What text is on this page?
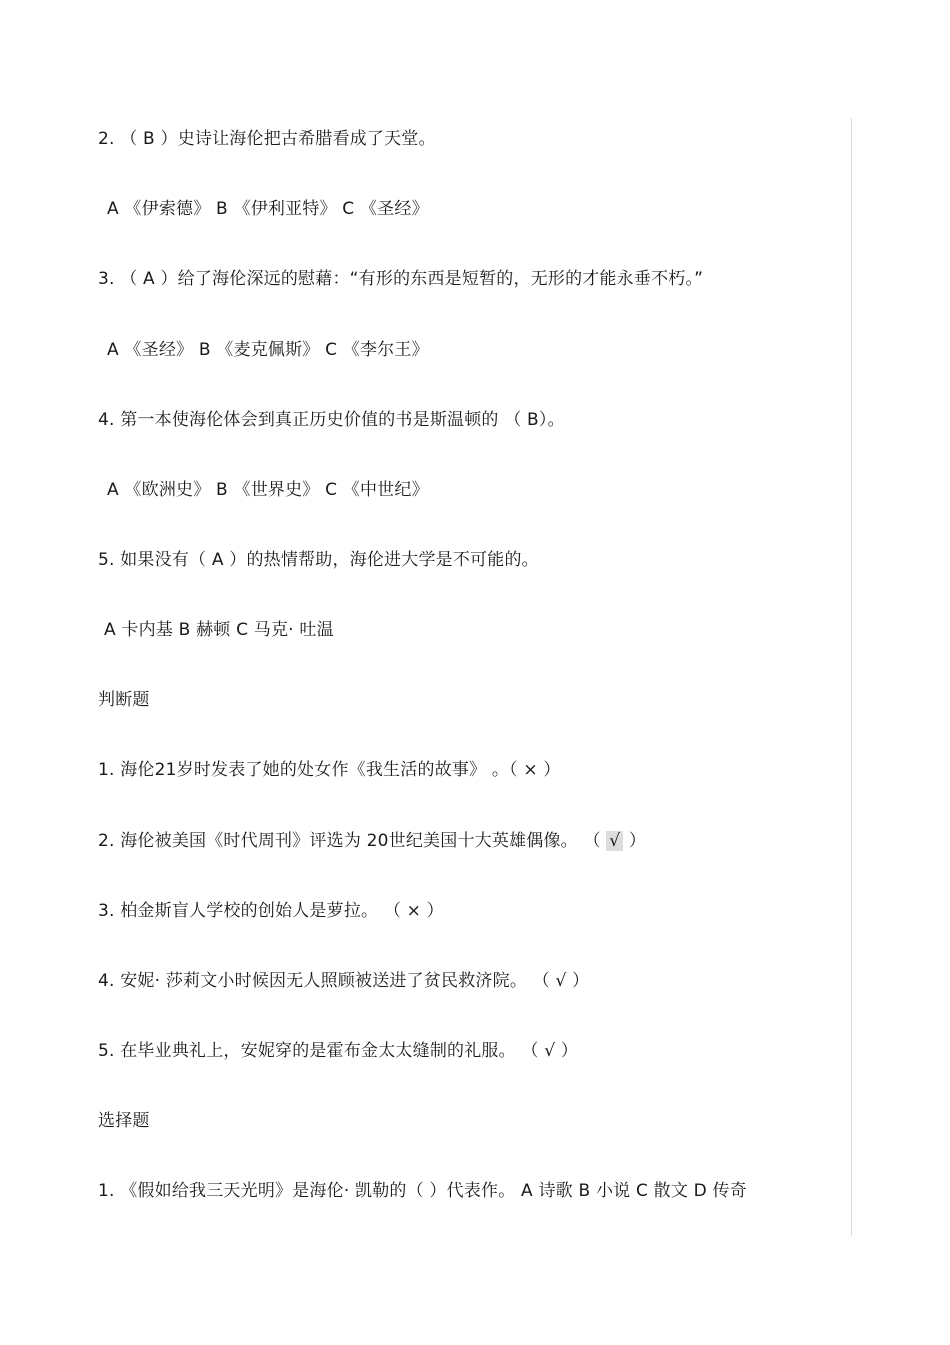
2. （ B ）史诗让海伦把古希腊看成了天堂。
A 《伊索德》 B 《伊利亚特》 C 《圣经》
3. （ A ）给了海伦深远的慰藉：“有形的东西是短暂的，无形的才能永垂不朽。”
A 《圣经》 B 《麦克佩斯》 C 《李尔王》
4. 第一本使海伦体会到真正历史价值的书是斯温顿的 （ B）。
A 《欧洲史》 B 《世界史》 C 《中世纪》
5. 如果没有（ A ）的热情帮助，海伦进大学是不可能的。
A 卡内基 B 赫顿 C 马克· 吐温
判断题
1. 海伦21岁时发表了她的处女作《我生活的故事》 。（ × ）
2. 海伦被美国《时代周刊》评选为 20世纪美国十大英雄偶像。 （ √ ）
3. 柏金斯盲人学校的创始人是萝拉。 （ × ）
4. 安妮· 莎莉文小时候因无人照顾被送进了贫民救济院。 （ √ ）
5. 在毕业典礼上，安妮穿的是霍布金太太缝制的礼服。 （ √ ）
选择题
1. 《假如给我三天光明》是海伦· 凯勒的（ ）代表作。 A 诗歌 B 小说 C 散文 D 传奇
